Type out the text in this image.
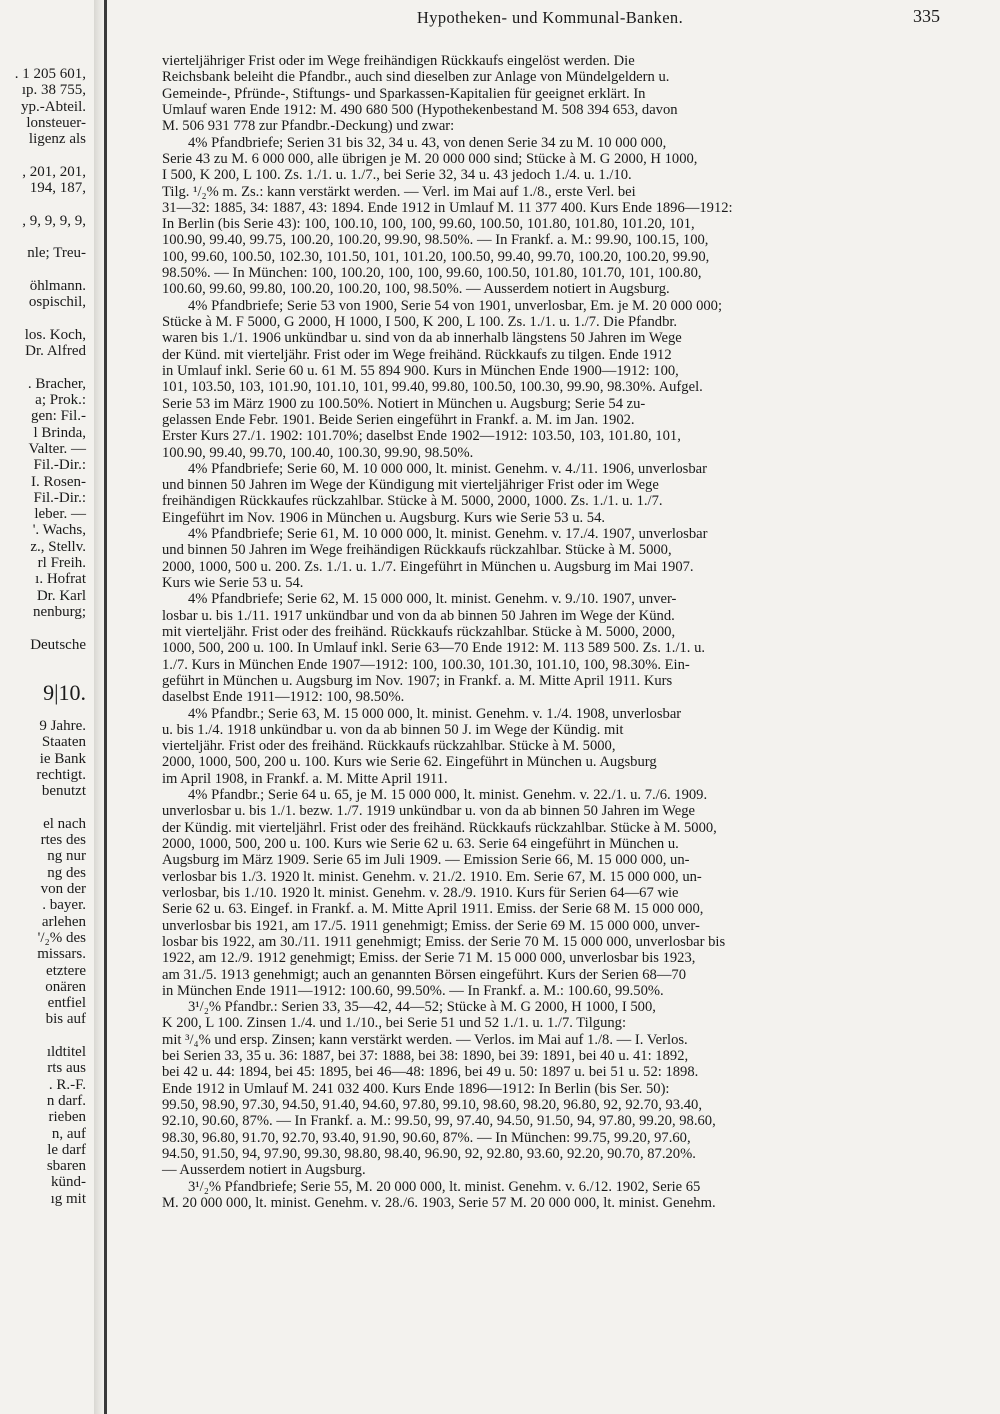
. 1 205 601,
ıp. 38 755,
yp.-Abteil.
lonsteuer-
ligenz als
, 201, 201,
194, 187,
, 9, 9, 9, 9,
nle; Treu-
öhlmann.
ospischil,
los. Koch,
Dr. Alfred
. Bracher,
a; Prok.:
gen: Fil.-
l Brinda,
Valter. —
Fil.-Dir.:
I. Rosen-
Fil.-Dir.:
leber. —
'. Wachs,
z., Stellv.
rl Freih.
ı. Hofrat
Dr. Karl
nenburg;
Deutsche
9|10.
9 Jahre.
Staaten
ie Bank
rechtigt.
benutzt
el nach
rtes des
ng nur
ng des
von der
. bayer.
arlehen
'/₂% des
missars.
etztere
onären
entfiel
bis auf
ıldtitel
rts aus
. R.-F.
n darf.
rieben
n, auf
le darf
sbaren
künd-
ıg mit
Hypotheken- und Kommunal-Banken.	335

vierteljähriger Frist oder im Wege freihändigen Rückkaufs eingelöst werden. Die

Reichsbank beleiht die Pfandbr., auch sind dieselben zur Anlage von Mündelgeldern u.

Gemeinde-, Pfründe-, Stiftungs- und Sparkassen-Kapitalien für geeignet erklärt. In

Umlauf waren Ende 1912: M. 490 680 500 (Hypothekenbestand M. 508 394 653, davon

M. 506 931 778 zur Pfandbr.-Deckung) und zwar:

4% Pfandbriefe; Serien 31 bis 32, 34 u. 43, von denen Serie 34 zu M. 10 000 000,

Serie 43 zu M. 6 000 000, alle übrigen je M. 20 000 000 sind; Stücke à M. G 2000, H 1000,

I 500, K 200, L 100. Zs. 1./1. u. 1./7., bei Serie 32, 34 u. 43 jedoch 1./4. u. 1./10.

Tilg. ¹/₂% m. Zs.: kann verstärkt werden. — Verl. im Mai auf 1./8., erste Verl. bei

31—32: 1885, 34: 1887, 43: 1894. Ende 1912 in Umlauf M. 11 377 400. Kurs Ende 1896—1912:

In Berlin (bis Serie 43): 100, 100.10, 100, 100, 99.60, 100.50, 101.80, 101.80, 101.20, 101,

100.90, 99.40, 99.75, 100.20, 100.20, 99.90, 98.50%. — In Frankf. a. M.: 99.90, 100.15, 100,

100, 99.60, 100.50, 102.30, 101.50, 101, 101.20, 100.50, 99.40, 99.70, 100.20, 100.20, 99.90,

98.50%. — In München: 100, 100.20, 100, 100, 99.60, 100.50, 101.80, 101.70, 101, 100.80,

100.60, 99.60, 99.80, 100.20, 100.20, 100, 98.50%. — Ausserdem notiert in Augsburg.

4% Pfandbriefe; Serie 53 von 1900, Serie 54 von 1901, unverlosbar, Em. je M. 20 000 000;

Stücke à M. F 5000, G 2000, H 1000, I 500, K 200, L 100. Zs. 1./1. u. 1./7. Die Pfandbr.

waren bis 1./1. 1906 unkündbar u. sind von da ab innerhalb längstens 50 Jahren im Wege

der Künd. mit vierteljähr. Frist oder im Wege freihänd. Rückkaufs zu tilgen. Ende 1912

in Umlauf inkl. Serie 60 u. 61 M. 55 894 900. Kurs in München Ende 1900—1912: 100,

101, 103.50, 103, 101.90, 101.10, 101, 99.40, 99.80, 100.50, 100.30, 99.90, 98.30%. Aufgel.

Serie 53 im März 1900 zu 100.50%. Notiert in München u. Augsburg; Serie 54 zu-

gelassen Ende Febr. 1901. Beide Serien eingeführt in Frankf. a. M. im Jan. 1902.

Erster Kurs 27./1. 1902: 101.70%; daselbst Ende 1902—1912: 103.50, 103, 101.80, 101,

100.90, 99.40, 99.70, 100.40, 100.30, 99.90, 98.50%.

4% Pfandbriefe; Serie 60, M. 10 000 000, lt. minist. Genehm. v. 4./11. 1906, unverlosbar

und binnen 50 Jahren im Wege der Kündigung mit vierteljähriger Frist oder im Wege

freihändigen Rückkaufes rückzahlbar. Stücke à M. 5000, 2000, 1000. Zs. 1./1. u. 1./7.

Eingeführt im Nov. 1906 in München u. Augsburg. Kurs wie Serie 53 u. 54.

4% Pfandbriefe; Serie 61, M. 10 000 000, lt. minist. Genehm. v. 17./4. 1907, unverlosbar

und binnen 50 Jahren im Wege freihändigen Rückkaufs rückzahlbar. Stücke à M. 5000,

2000, 1000, 500 u. 200. Zs. 1./1. u. 1./7. Eingeführt in München u. Augsburg im Mai 1907.

Kurs wie Serie 53 u. 54.

4% Pfandbriefe; Serie 62, M. 15 000 000, lt. minist. Genehm. v. 9./10. 1907, unver-

losbar u. bis 1./11. 1917 unkündbar und von da ab binnen 50 Jahren im Wege der Künd.

mit vierteljähr. Frist oder des freihänd. Rückkaufs rückzahlbar. Stücke à M. 5000, 2000,

1000, 500, 200 u. 100. In Umlauf inkl. Serie 63—70 Ende 1912: M. 113 589 500. Zs. 1./1. u.

1./7. Kurs in München Ende 1907—1912: 100, 100.30, 101.30, 101.10, 100, 98.30%. Ein-

geführt in München u. Augsburg im Nov. 1907; in Frankf. a. M. Mitte April 1911. Kurs

daselbst Ende 1911—1912: 100, 98.50%.

4% Pfandbr.; Serie 63, M. 15 000 000, lt. minist. Genehm. v. 1./4. 1908, unverlosbar

u. bis 1./4. 1918 unkündbar u. von da ab binnen 50 J. im Wege der Kündig. mit

vierteljähr. Frist oder des freihänd. Rückkaufs rückzahlbar. Stücke à M. 5000,

2000, 1000, 500, 200 u. 100. Kurs wie Serie 62. Eingeführt in München u. Augsburg

im April 1908, in Frankf. a. M. Mitte April 1911.

4% Pfandbr.; Serie 64 u. 65, je M. 15 000 000, lt. minist. Genehm. v. 22./1. u. 7./6. 1909.

unverlosbar u. bis 1./1. bezw. 1./7. 1919 unkündbar u. von da ab binnen 50 Jahren im Wege

der Kündig. mit vierteljährl. Frist oder des freihänd. Rückkaufs rückzahlbar. Stücke à M. 5000,

2000, 1000, 500, 200 u. 100. Kurs wie Serie 62 u. 63. Serie 64 eingeführt in München u.

Augsburg im März 1909. Serie 65 im Juli 1909. — Emission Serie 66, M. 15 000 000, un-

verlosbar bis 1./3. 1920 lt. minist. Genehm. v. 21./2. 1910. Em. Serie 67, M. 15 000 000, un-

verlosbar, bis 1./10. 1920 lt. minist. Genehm. v. 28./9. 1910. Kurs für Serien 64—67 wie

Serie 62 u. 63. Eingef. in Frankf. a. M. Mitte April 1911. Emiss. der Serie 68 M. 15 000 000,

unverlosbar bis 1921, am 17./5. 1911 genehmigt; Emiss. der Serie 69 M. 15 000 000, unver-

losbar bis 1922, am 30./11. 1911 genehmigt; Emiss. der Serie 70 M. 15 000 000, unverlosbar bis

1922, am 12./9. 1912 genehmigt; Emiss. der Serie 71 M. 15 000 000, unverlosbar bis 1923,

am 31./5. 1913 genehmigt; auch an genannten Börsen eingeführt. Kurs der Serien 68—70

in München Ende 1911—1912: 100.60, 99.50%. — In Frankf. a. M.: 100.60, 99.50%.

3¹/₂% Pfandbr.: Serien 33, 35—42, 44—52; Stücke à M. G 2000, H 1000, I 500,

K 200, L 100. Zinsen 1./4. und 1./10., bei Serie 51 und 52 1./1. u. 1./7. Tilgung:

mit ³/₄% und ersp. Zinsen; kann verstärkt werden. — Verlos. im Mai auf 1./8. — I. Verlos.

bei Serien 33, 35 u. 36: 1887, bei 37: 1888, bei 38: 1890, bei 39: 1891, bei 40 u. 41: 1892,

bei 42 u. 44: 1894, bei 45: 1895, bei 46—48: 1896, bei 49 u. 50: 1897 u. bei 51 u. 52: 1898.

Ende 1912 in Umlauf M. 241 032 400. Kurs Ende 1896—1912: In Berlin (bis Ser. 50):

99.50, 98.90, 97.30, 94.50, 91.40, 94.60, 97.80, 99.10, 98.60, 98.20, 96.80, 92, 92.70, 93.40,

92.10, 90.60, 87%. — In Frankf. a. M.: 99.50, 99, 97.40, 94.50, 91.50, 94, 97.80, 99.20, 98.60,

98.30, 96.80, 91.70, 92.70, 93.40, 91.90, 90.60, 87%. — In München: 99.75, 99.20, 97.60,

94.50, 91.50, 94, 97.90, 99.30, 98.80, 98.40, 96.90, 92, 92.80, 93.60, 92.20, 90.70, 87.20%.

— Ausserdem notiert in Augsburg.

3¹/₂% Pfandbriefe; Serie 55, M. 20 000 000, lt. minist. Genehm. v. 6./12. 1902, Serie 65

M. 20 000 000, lt. minist. Genehm. v. 28./6. 1903, Serie 57 M. 20 000 000, lt. minist. Genehm.
